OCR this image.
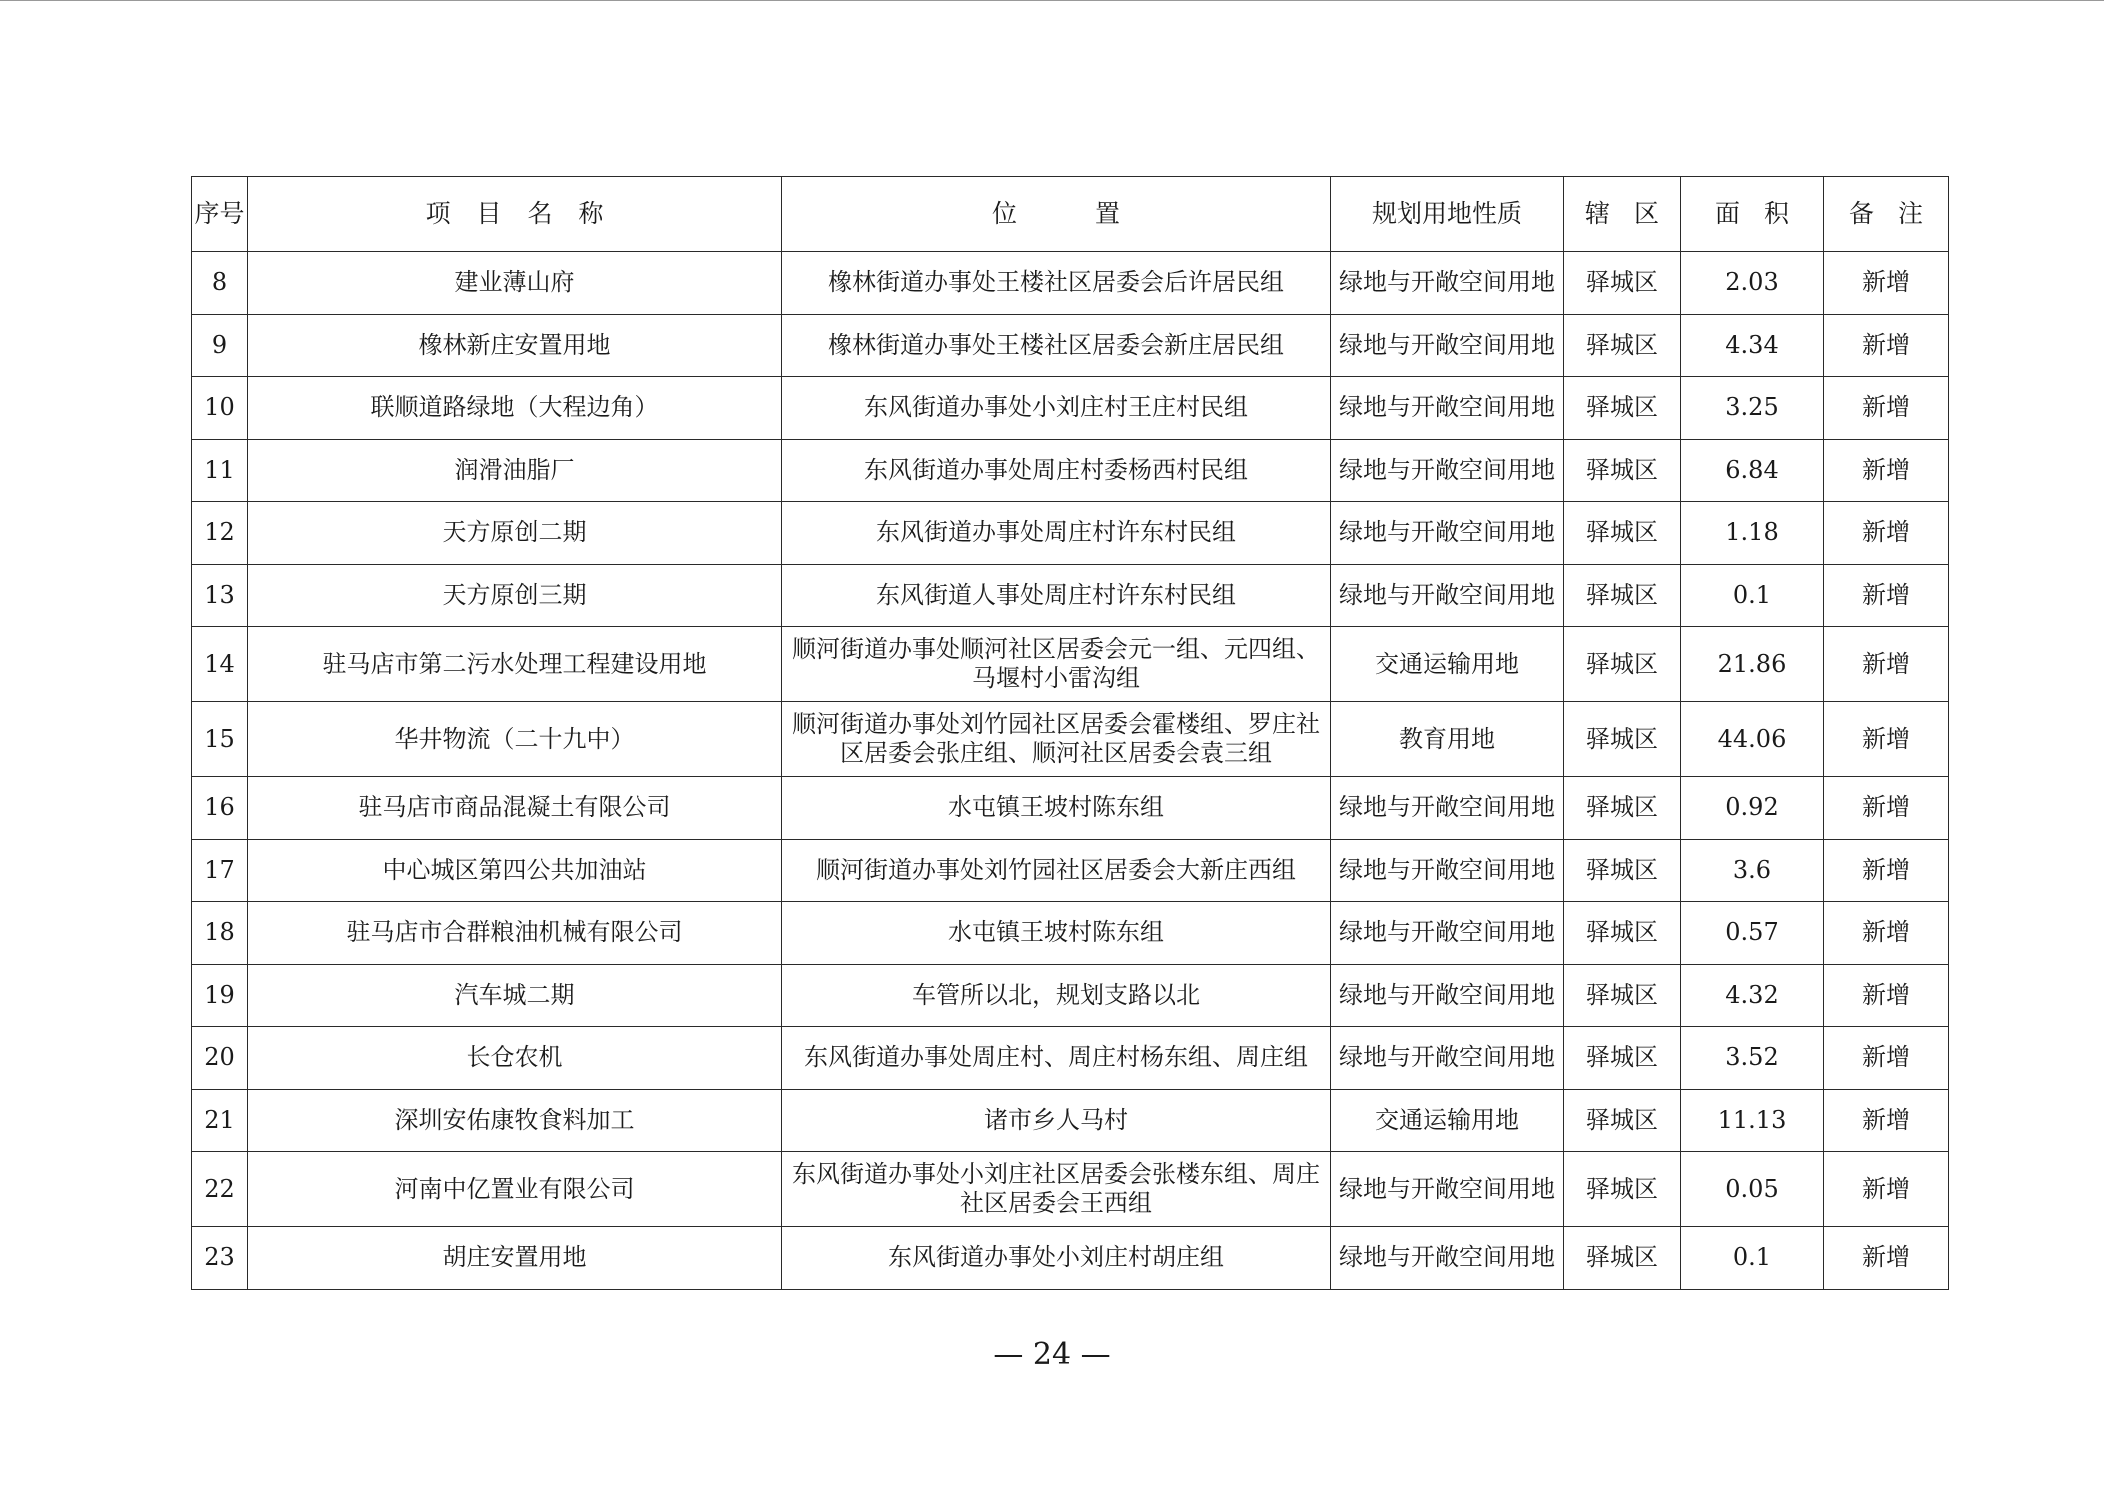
序号	项 目 名 称	位 置	规划用地性质	辖 区	面 积	备 注
8	建业薄山府	橡林街道办事处王楼社区居委会后许居民组	绿地与开敞空间用地	驿城区	2.03	新增
9	橡林新庄安置用地	橡林街道办事处王楼社区居委会新庄居民组	绿地与开敞空间用地	驿城区	4.34	新增
10	联顺道路绿地（大程边角）	东风街道办事处小刘庄村王庄村民组	绿地与开敞空间用地	驿城区	3.25	新增
11	润滑油脂厂	东风街道办事处周庄村委杨西村民组	绿地与开敞空间用地	驿城区	6.84	新增
12	天方原创二期	东风街道办事处周庄村许东村民组	绿地与开敞空间用地	驿城区	1.18	新增
13	天方原创三期	东风街道人事处周庄村许东村民组	绿地与开敞空间用地	驿城区	0.1	新增
14	驻马店市第二污水处理工程建设用地	顺河街道办事处顺河社区居委会元一组、元四组、马堰村小雷沟组	交通运输用地	驿城区	21.86	新增
15	华井物流（二十九中）	顺河街道办事处刘竹园社区居委会霍楼组、罗庄社区居委会张庄组、顺河社区居委会袁三组	教育用地	驿城区	44.06	新增
16	驻马店市商品混凝土有限公司	水屯镇王坡村陈东组	绿地与开敞空间用地	驿城区	0.92	新增
17	中心城区第四公共加油站	顺河街道办事处刘竹园社区居委会大新庄西组	绿地与开敞空间用地	驿城区	3.6	新增
18	驻马店市合群粮油机械有限公司	水屯镇王坡村陈东组	绿地与开敞空间用地	驿城区	0.57	新增
19	汽车城二期	车管所以北，规划支路以北	绿地与开敞空间用地	驿城区	4.32	新增
20	长仓农机	东风街道办事处周庄村、周庄村杨东组、周庄组	绿地与开敞空间用地	驿城区	3.52	新增
21	深圳安佑康牧食料加工	诸市乡人马村	交通运输用地	驿城区	11.13	新增
22	河南中亿置业有限公司	东风街道办事处小刘庄社区居委会张楼东组、周庄社区居委会王西组	绿地与开敞空间用地	驿城区	0.05	新增
23	胡庄安置用地	东风街道办事处小刘庄村胡庄组	绿地与开敞空间用地	驿城区	0.1	新增
— 24 —
